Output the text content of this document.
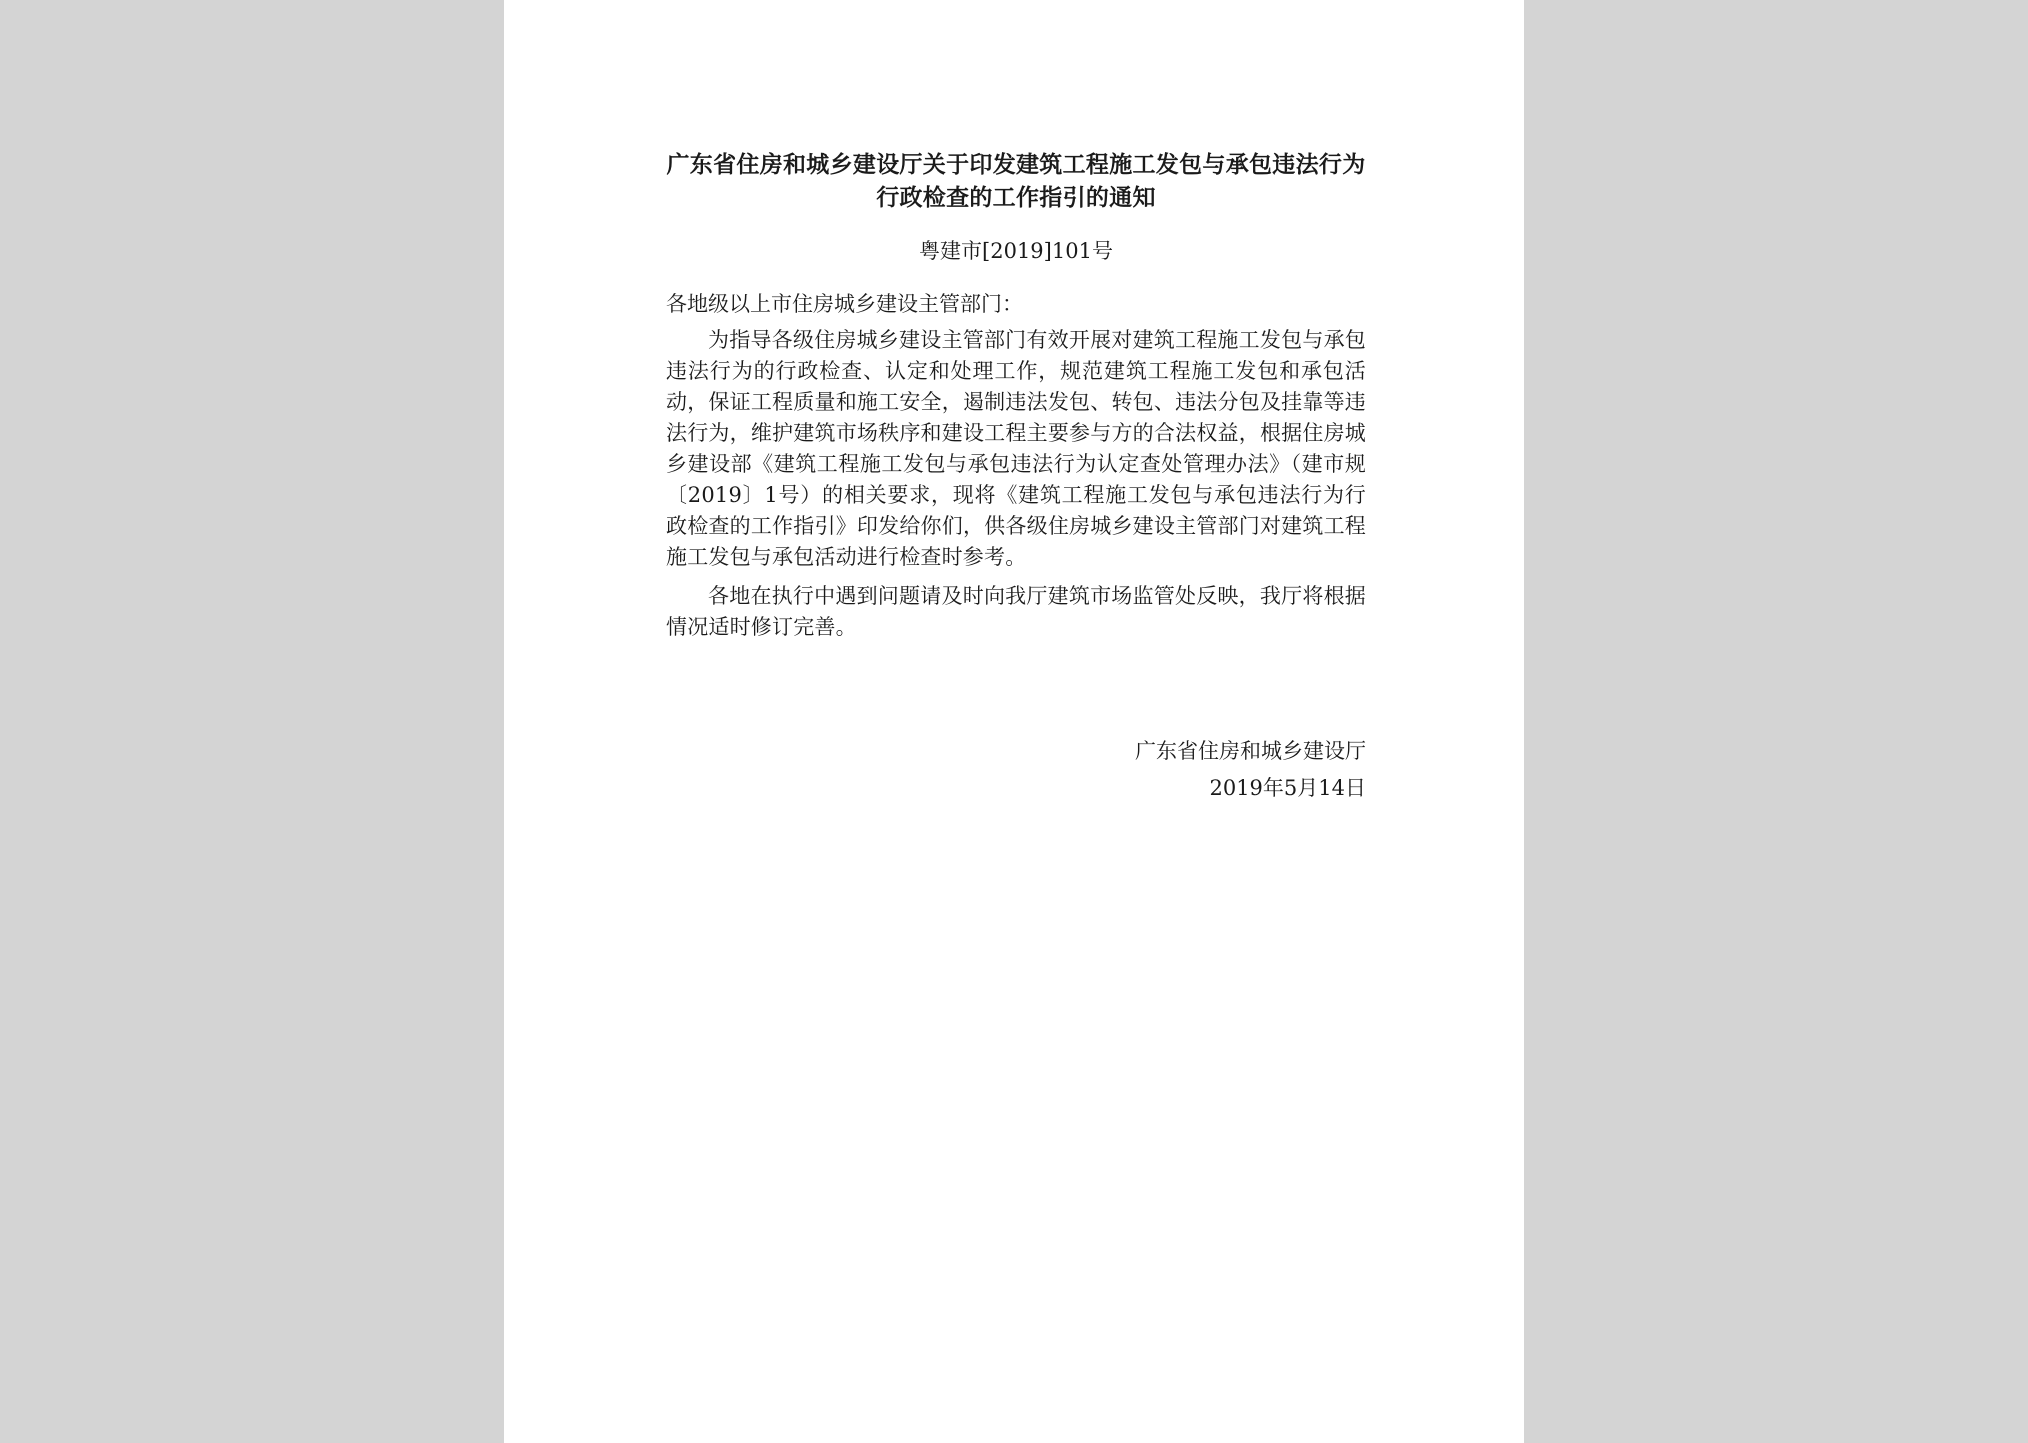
广东省住房和城乡建设厅关于印发建筑工程施工发包与承包违法行为行政检查的工作指引的通知

粤建市[2019]101号

各地级以上市住房城乡建设主管部门：

为指导各级住房城乡建设主管部门有效开展对建筑工程施工发包与承包违法行为的行政检查、认定和处理工作，规范建筑工程施工发包和承包活动，保证工程质量和施工安全，遏制违法发包、转包、违法分包及挂靠等违法行为，维护建筑市场秩序和建设工程主要参与方的合法权益，根据住房城乡建设部《建筑工程施工发包与承包违法行为认定查处管理办法》（建市规〔2019〕1号）的相关要求，现将《建筑工程施工发包与承包违法行为行政检查的工作指引》印发给你们，供各级住房城乡建设主管部门对建筑工程施工发包与承包活动进行检查时参考。

各地在执行中遇到问题请及时向我厅建筑市场监管处反映，我厅将根据情况适时修订完善。

广东省住房和城乡建设厅
2019年5月14日
